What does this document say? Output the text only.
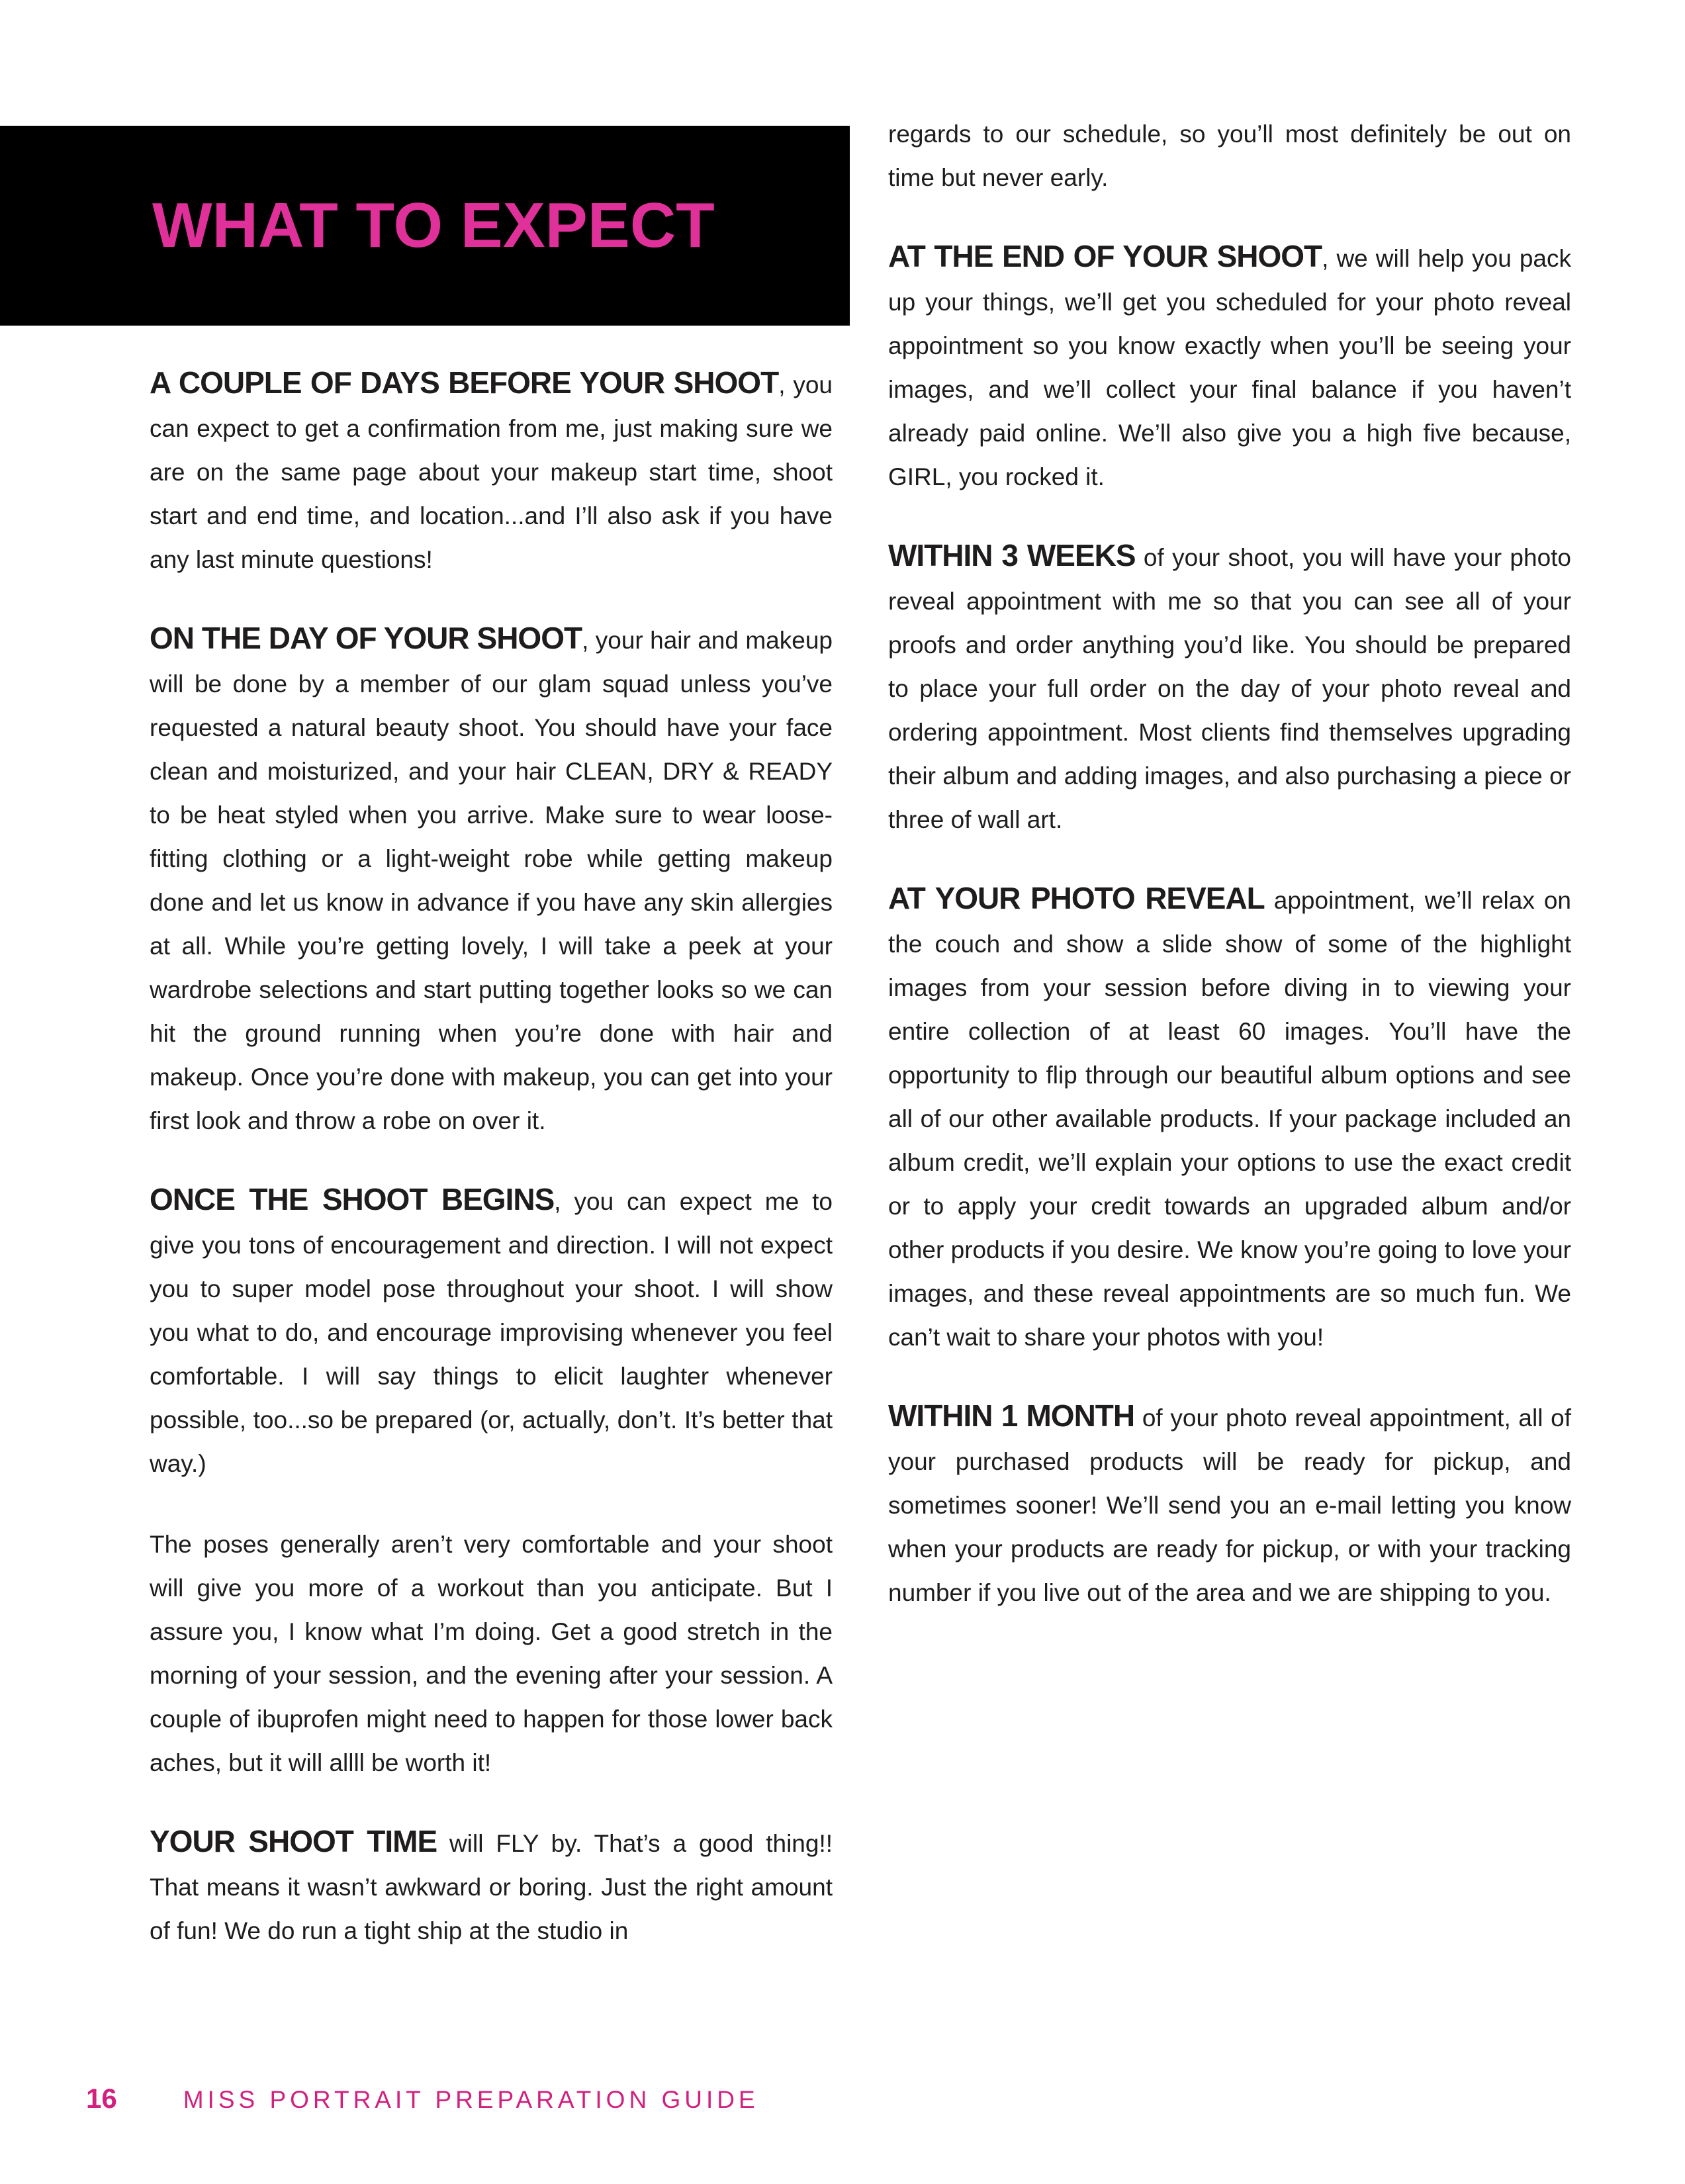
WHAT TO EXPECT

A COUPLE OF DAYS BEFORE YOUR SHOOT, you can expect to get a confirmation from me, just making sure we are on the same page about your makeup start time, shoot start and end time, and location...and I’ll also ask if you have any last minute questions!

ON THE DAY OF YOUR SHOOT, your hair and makeup will be done by a member of our glam squad unless you’ve requested a natural beauty shoot. You should have your face clean and moisturized, and your hair CLEAN, DRY & READY to be heat styled when you arrive. Make sure to wear loose-fitting clothing or a light-weight robe while getting makeup done and let us know in advance if you have any skin allergies at all. While you’re getting lovely, I will take a peek at your wardrobe selections and start putting together looks so we can hit the ground running when you’re done with hair and makeup. Once you’re done with makeup, you can get into your first look and throw a robe on over it.

ONCE THE SHOOT BEGINS, you can expect me to give you tons of encouragement and direction. I will not expect you to super model pose throughout your shoot. I will show you what to do, and encourage improvising whenever you feel comfortable. I will say things to elicit laughter whenever possible, too...so be prepared (or, actually, don’t. It’s better that way.)

The poses generally aren’t very comfortable and your shoot will give you more of a workout than you anticipate. But I assure you, I know what I’m doing. Get a good stretch in the morning of your session, and the evening after your session. A couple of ibuprofen might need to happen for those lower back aches, but it will allll be worth it!

YOUR SHOOT TIME will FLY by. That’s a good thing!! That means it wasn’t awkward or boring. Just the right amount of fun! We do run a tight ship at the studio in

regards to our schedule, so you’ll most definitely be out on time but never early.

AT THE END OF YOUR SHOOT, we will help you pack up your things, we’ll get you scheduled for your photo reveal appointment so you know exactly when you’ll be seeing your images, and we’ll collect your final balance if you haven’t already paid online. We’ll also give you a high five because, GIRL, you rocked it.

WITHIN 3 WEEKS of your shoot, you will have your photo reveal appointment with me so that you can see all of your proofs and order anything you’d like. You should be prepared to place your full order on the day of your photo reveal and ordering appointment. Most clients find themselves upgrading their album and adding images, and also purchasing a piece or three of wall art.

AT YOUR PHOTO REVEAL appointment, we’ll relax on the couch and show a slide show of some of the highlight images from your session before diving in to viewing your entire collection of at least 60 images. You’ll have the opportunity to flip through our beautiful album options and see all of our other available products. If your package included an album credit, we’ll explain your options to use the exact credit or to apply your credit towards an upgraded album and/or other products if you desire. We know you’re going to love your images, and these reveal appointments are so much fun. We can’t wait to share your photos with you!

WITHIN 1 MONTH of your photo reveal appointment, all of your purchased products will be ready for pickup, and sometimes sooner! We’ll send you an e-mail letting you know when your products are ready for pickup, or with your tracking number if you live out of the area and we are shipping to you.

16	MISS PORTRAIT PREPARATION GUIDE
